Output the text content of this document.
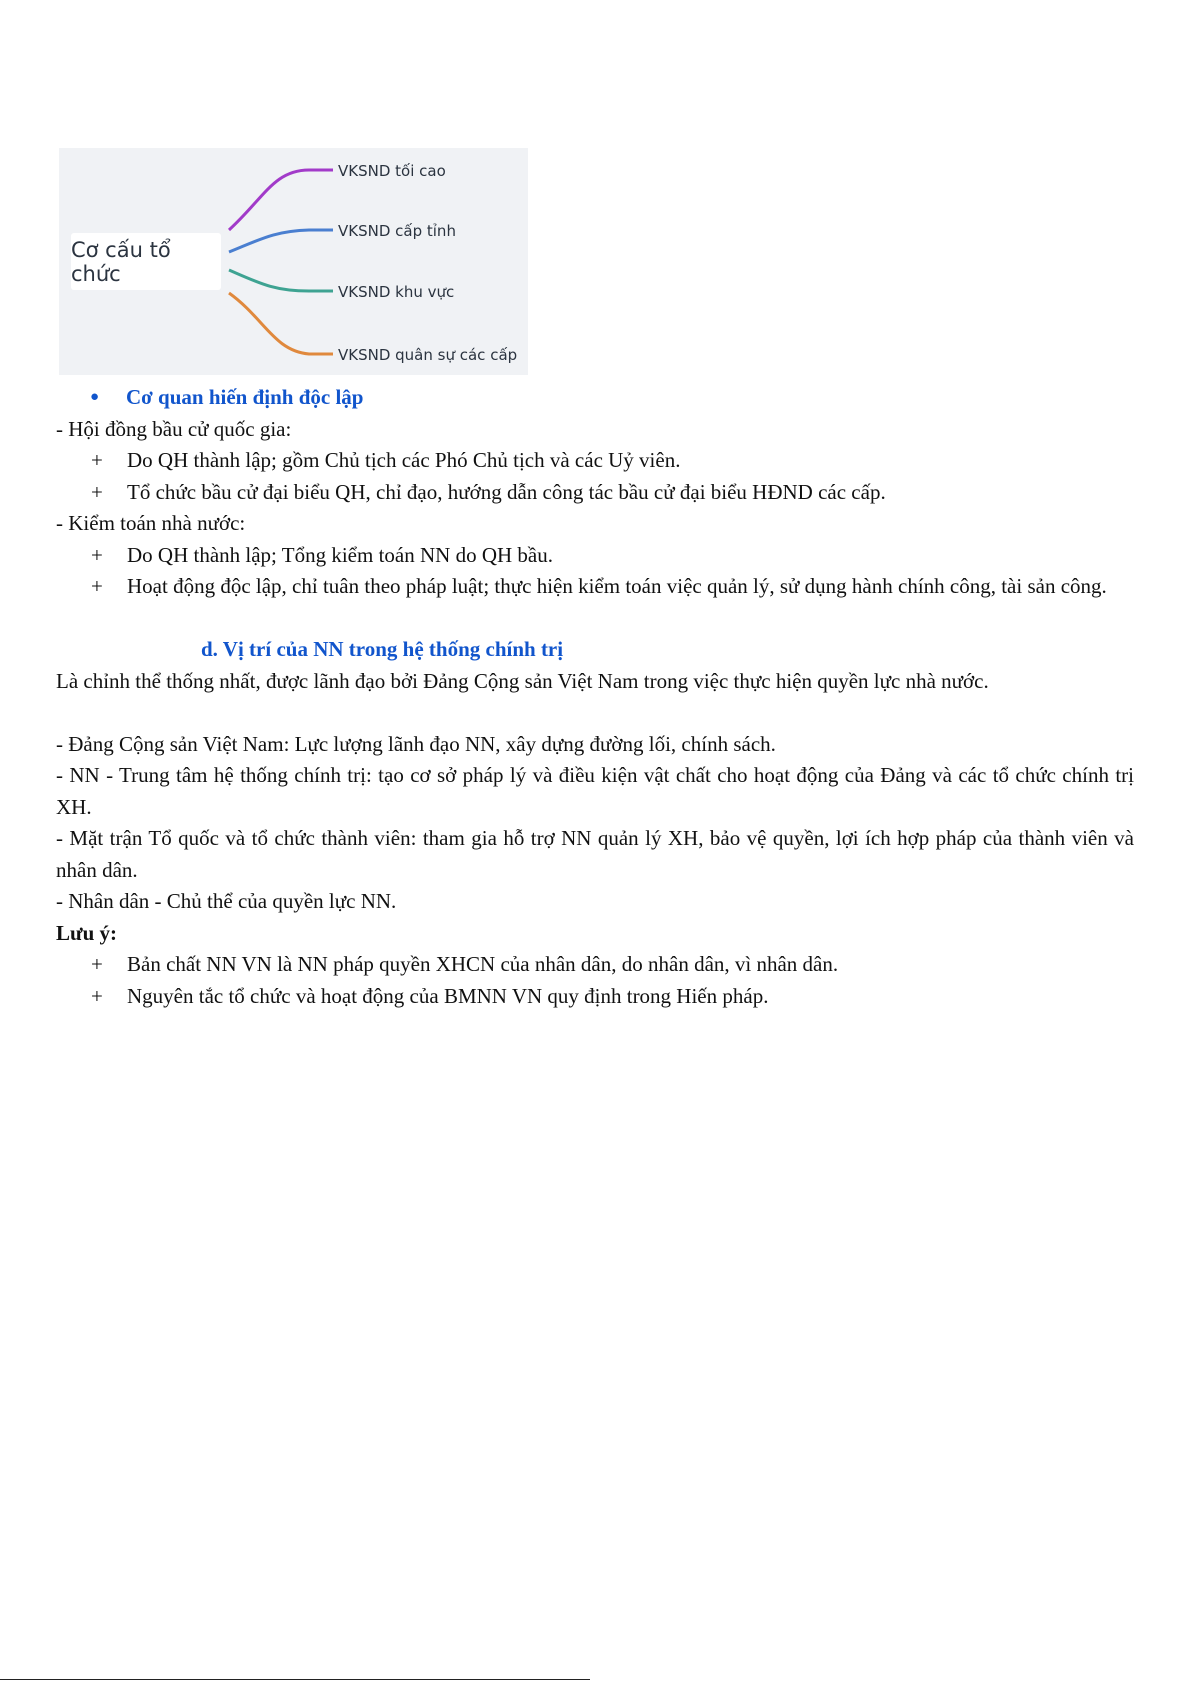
Cơ cấu tổ chức
VKSND tối cao
VKSND cấp tỉnh
VKSND khu vực
VKSND quân sự các cấp
● Cơ quan hiến định độc lập
- Hội đồng bầu cử quốc gia:
+ Do QH thành lập; gồm Chủ tịch các Phó Chủ tịch và các Uỷ viên.
+ Tổ chức bầu cử đại biểu QH, chỉ đạo, hướng dẫn công tác bầu cử đại biểu HĐND các cấp.
- Kiểm toán nhà nước:
+ Do QH thành lập; Tổng kiểm toán NN do QH bầu.
+ Hoạt động độc lập, chỉ tuân theo pháp luật; thực hiện kiểm toán việc quản lý, sử dụng hành chính công, tài sản công.
d. Vị trí của NN trong hệ thống chính trị
Là chỉnh thể thống nhất, được lãnh đạo bởi Đảng Cộng sản Việt Nam trong việc thực hiện quyền lực nhà nước.
- Đảng Cộng sản Việt Nam: Lực lượng lãnh đạo NN, xây dựng đường lối, chính sách.
- NN - Trung tâm hệ thống chính trị: tạo cơ sở pháp lý và điều kiện vật chất cho hoạt động của Đảng và các tổ chức chính trị XH.
- Mặt trận Tổ quốc và tổ chức thành viên: tham gia hỗ trợ NN quản lý XH, bảo vệ quyền, lợi ích hợp pháp của thành viên và nhân dân.
- Nhân dân - Chủ thể của quyền lực NN.
Lưu ý:
+ Bản chất NN VN là NN pháp quyền XHCN của nhân dân, do nhân dân, vì nhân dân.
+ Nguyên tắc tổ chức và hoạt động của BMNN VN quy định trong Hiến pháp.
